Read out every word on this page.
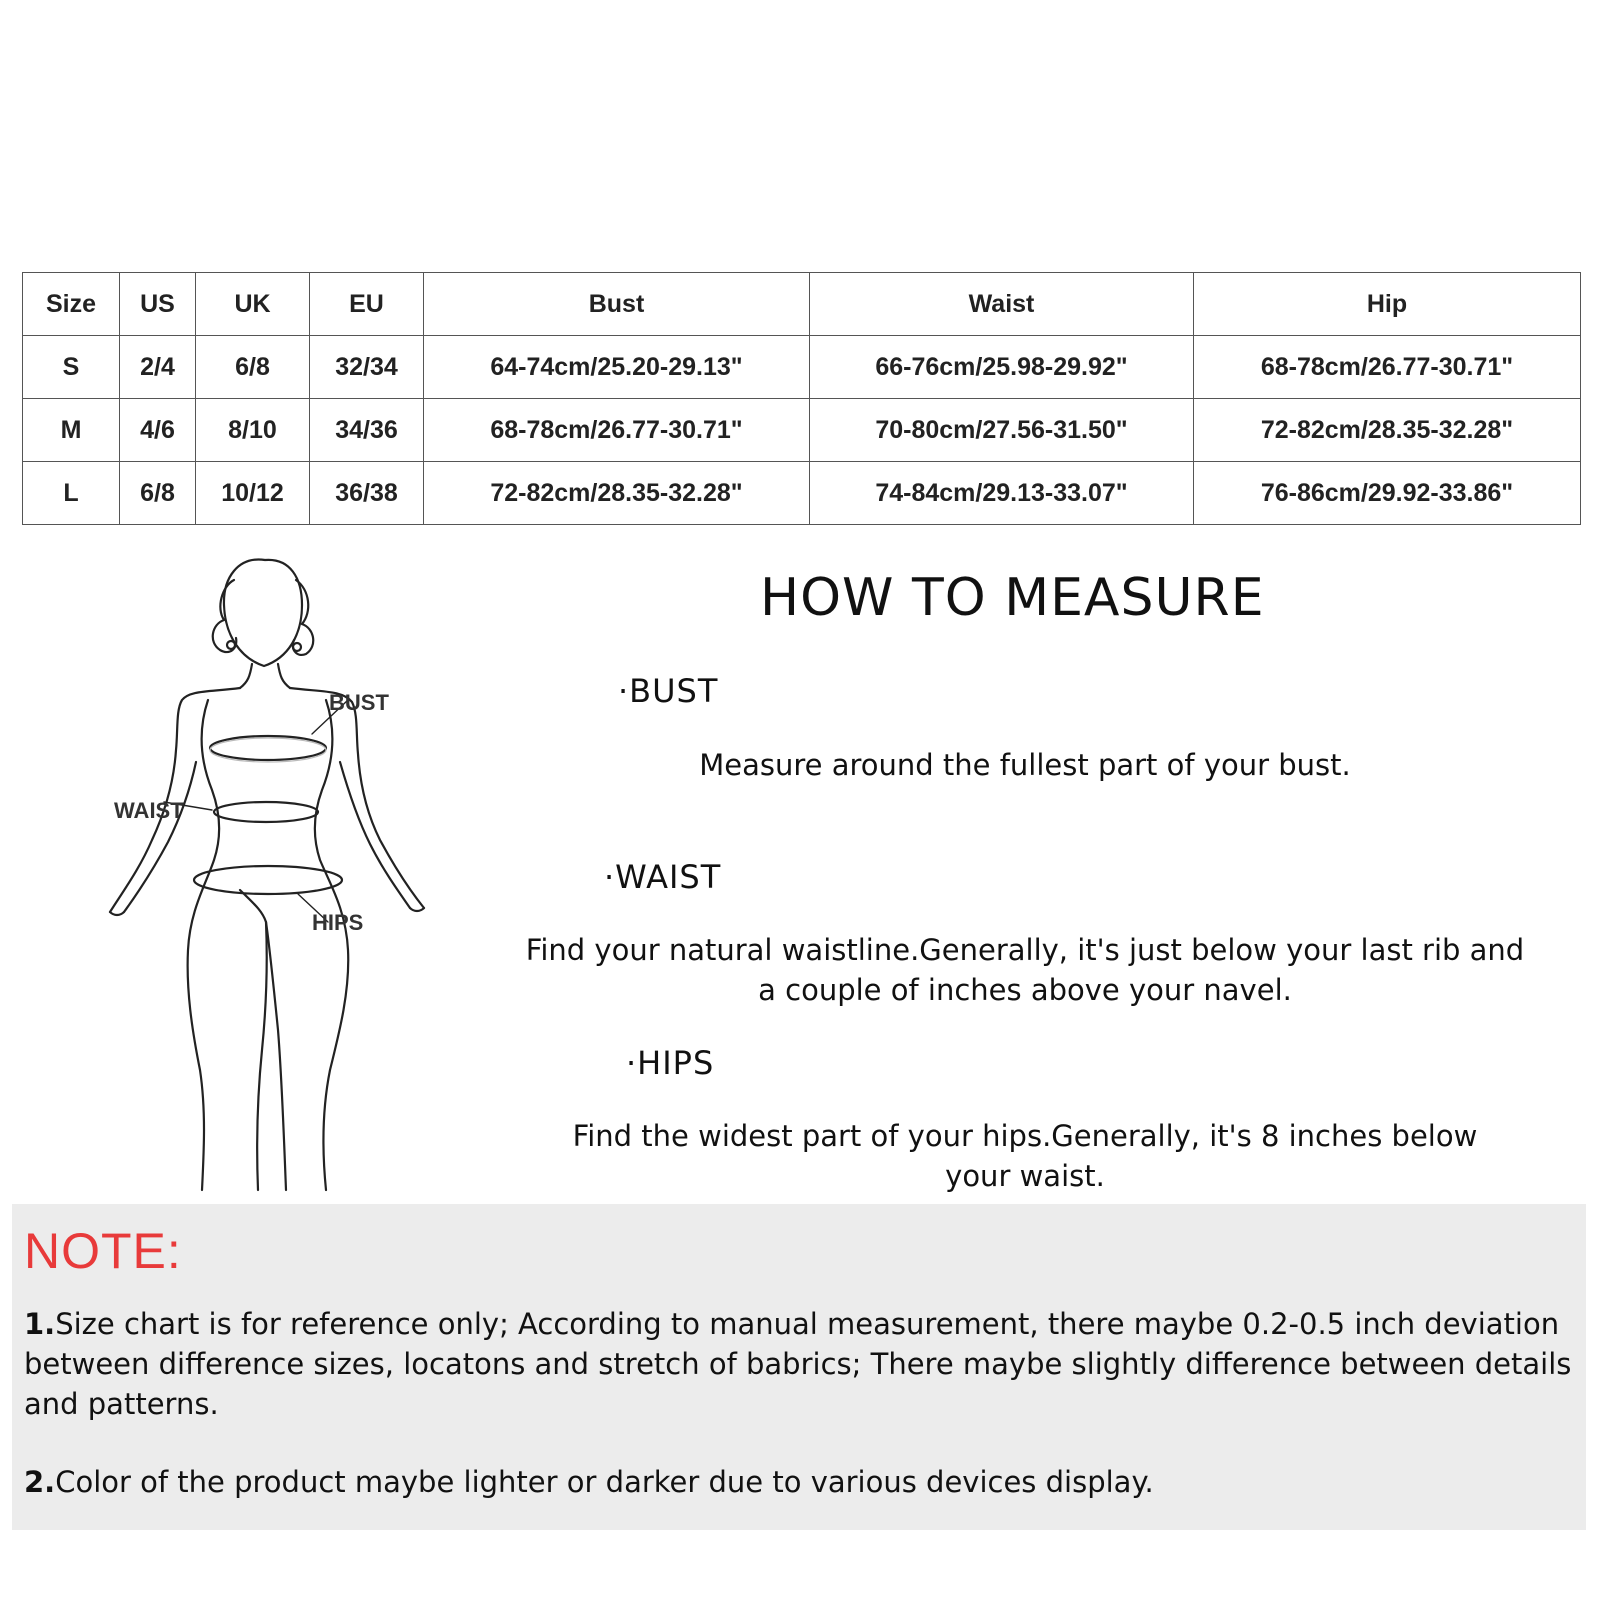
Size	US	UK	EU	Bust	Waist	Hip
S	2/4	6/8	32/34	64-74cm/25.20-29.13"	66-76cm/25.98-29.92"	68-78cm/26.77-30.71"
M	4/6	8/10	34/36	68-78cm/26.77-30.71"	70-80cm/27.56-31.50"	72-82cm/28.35-32.28"
L	6/8	10/12	36/38	72-82cm/28.35-32.28"	74-84cm/29.13-33.07"	76-86cm/29.92-33.86"
BUST
WAIST
HIPS
HOW TO MEASURE
·BUST
Measure around the fullest part of your bust.
·WAIST
Find your natural waistline.Generally, it's just below your last rib and a couple of inches above your navel.
·HIPS
Find the widest part of your hips.Generally, it's 8 inches below your waist.
NOTE:
1.Size chart is for reference only; According to manual measurement, there maybe 0.2-0.5 inch deviation between difference sizes, locatons and stretch of babrics; There maybe slightly difference between details and patterns.
2.Color of the product maybe lighter or darker due to various devices display.
